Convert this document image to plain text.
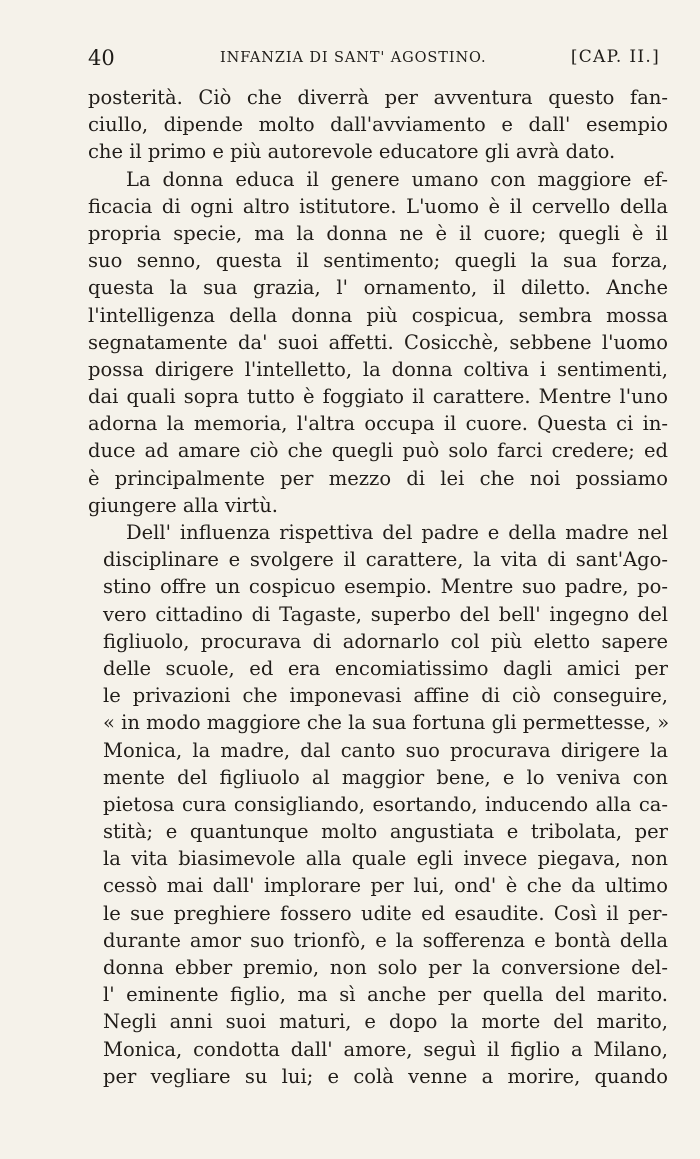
40	INFANZIA DI SANT' AGOSTINO.	[CAP. II.]
posterità. Ciò che diverrà per avventura questo fan-
ciullo, dipende molto dall'avviamento e dall' esempio
che il primo e più autorevole educatore gli avrà dato.
La donna educa il genere umano con maggiore ef-
ficacia di ogni altro istitutore. L'uomo è il cervello della
propria specie, ma la donna ne è il cuore; quegli è il
suo senno, questa il sentimento; quegli la sua forza,
questa la sua grazia, l' ornamento, il diletto. Anche
l'intelligenza della donna più cospicua, sembra mossa
segnatamente da' suoi affetti. Cosicchè, sebbene l'uomo
possa dirigere l'intelletto, la donna coltiva i sentimenti,
dai quali sopra tutto è foggiato il carattere. Mentre l'uno
adorna la memoria, l'altra occupa il cuore. Questa ci in-
duce ad amare ciò che quegli può solo farci credere; ed
è principalmente per mezzo di lei che noi possiamo
giungere alla virtù.
Dell' influenza rispettiva del padre e della madre nel
disciplinare e svolgere il carattere, la vita di sant'Ago-
stino offre un cospicuo esempio. Mentre suo padre, po-
vero cittadino di Tagaste, superbo del bell' ingegno del
figliuolo, procurava di adornarlo col più eletto sapere
delle scuole, ed era encomiatissimo dagli amici per
le privazioni che imponevasi affine di ciò conseguire,
« in modo maggiore che la sua fortuna gli permettesse, »
Monica, la madre, dal canto suo procurava dirigere la
mente del figliuolo al maggior bene, e lo veniva con
pietosa cura consigliando, esortando, inducendo alla ca-
stità; e quantunque molto angustiata e tribolata, per
la vita biasimevole alla quale egli invece piegava, non
cessò mai dall' implorare per lui, ond' è che da ultimo
le sue preghiere fossero udite ed esaudite. Così il per-
durante amor suo trionfò, e la sofferenza e bontà della
donna ebber premio, non solo per la conversione del-
l' eminente figlio, ma sì anche per quella del marito.
Negli anni suoi maturi, e dopo la morte del marito,
Monica, condotta dall' amore, seguì il figlio a Milano,
per vegliare su lui; e colà venne a morire, quando
